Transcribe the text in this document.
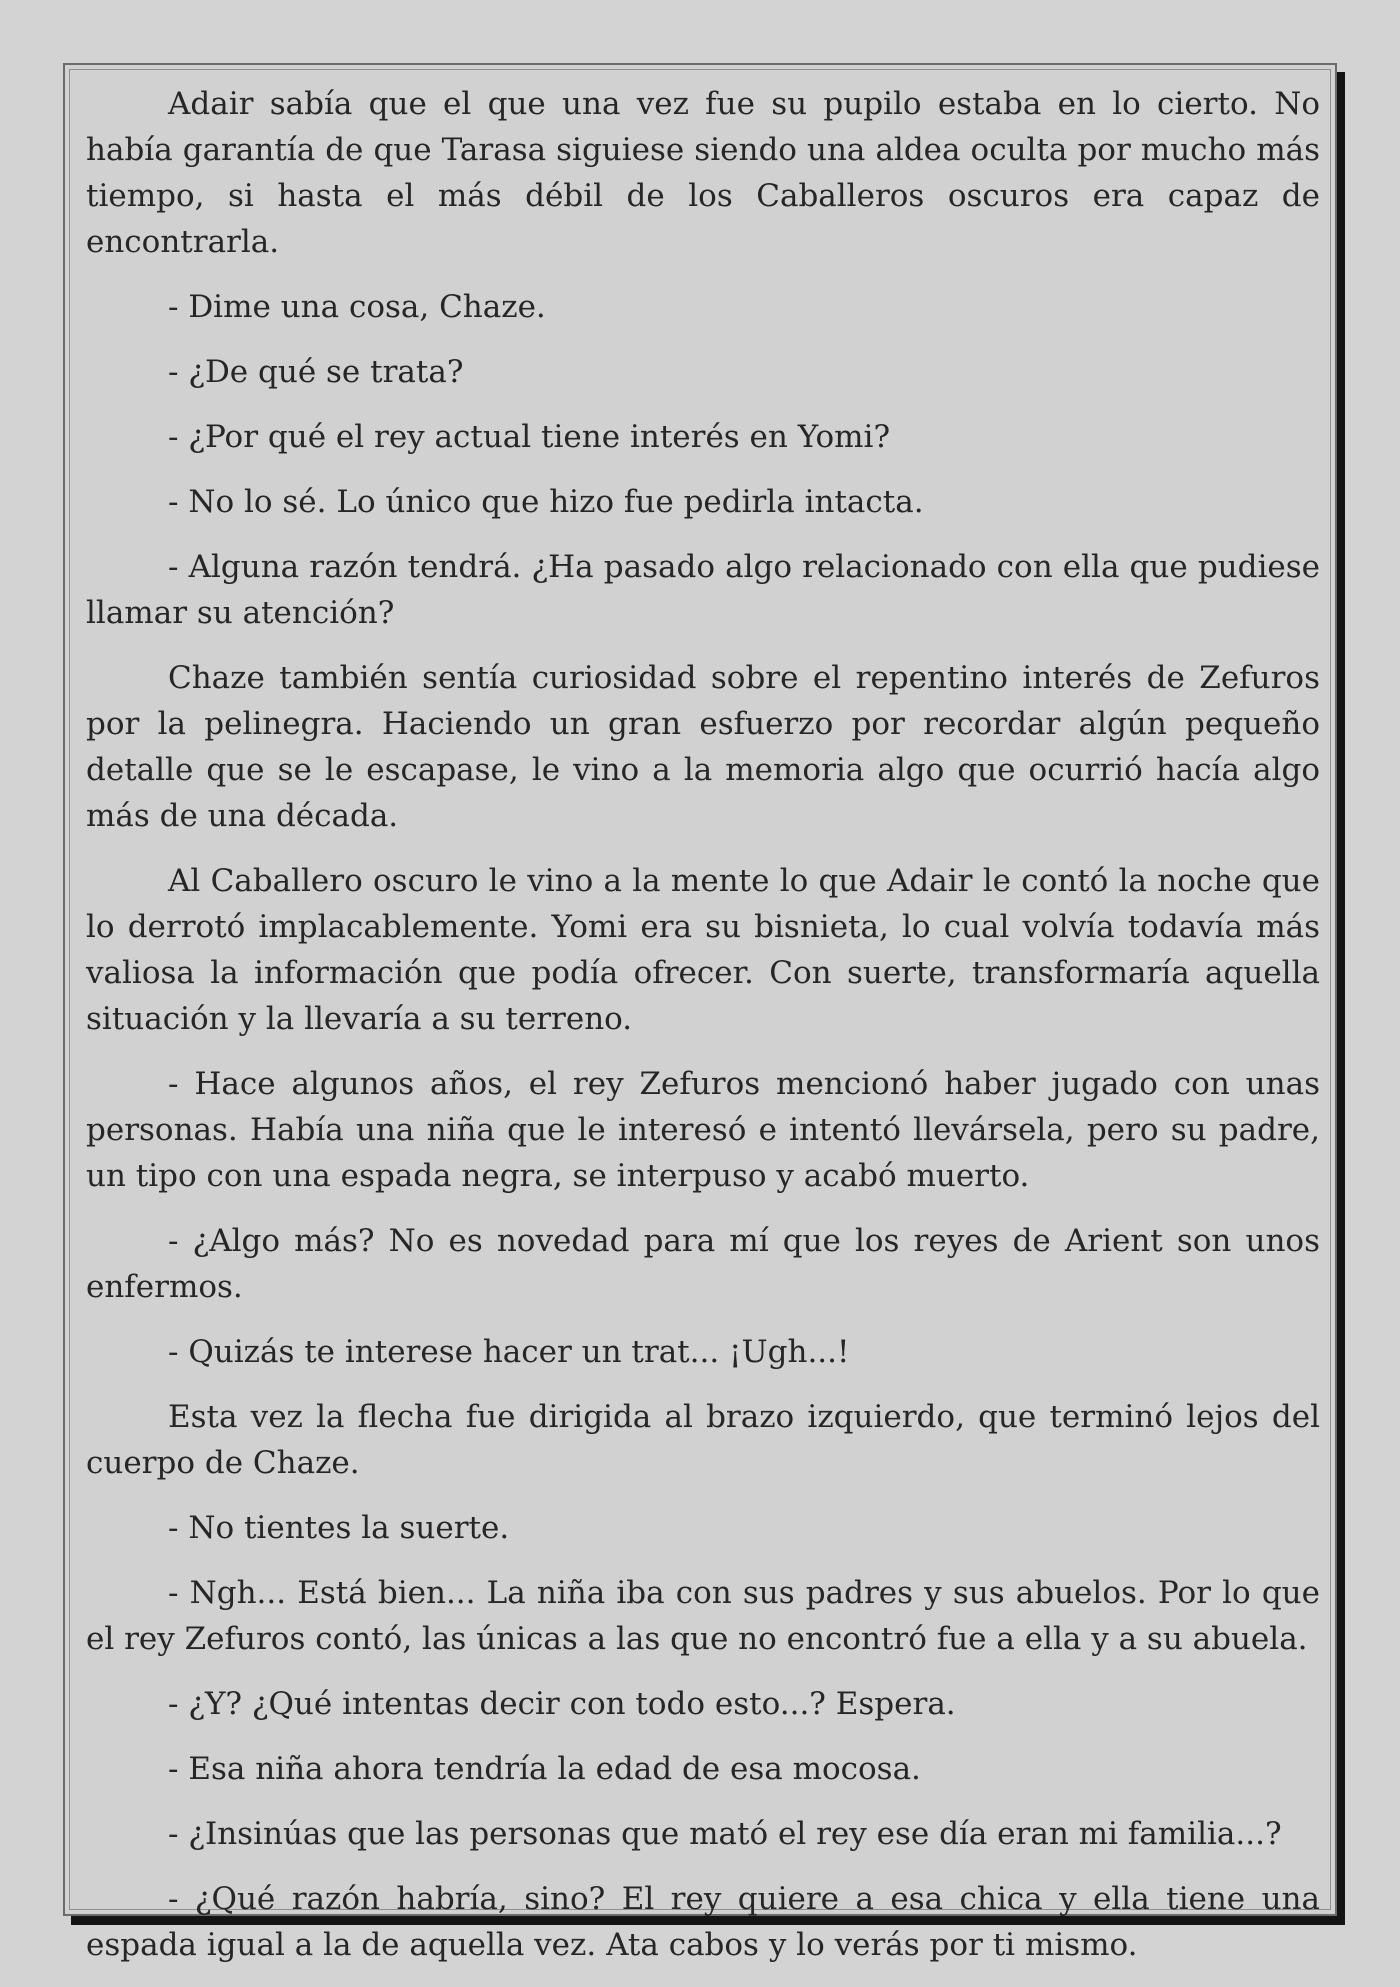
Adair sabía que el que una vez fue su pupilo estaba en lo cierto. No había garantía de que Tarasa siguiese siendo una aldea oculta por mucho más tiempo, si hasta el más débil de los Caballeros oscuros era capaz de encontrarla.

- Dime una cosa, Chaze.

- ¿De qué se trata?

- ¿Por qué el rey actual tiene interés en Yomi?

- No lo sé. Lo único que hizo fue pedirla intacta.

- Alguna razón tendrá. ¿Ha pasado algo relacionado con ella que pudiese llamar su atención?

Chaze también sentía curiosidad sobre el repentino interés de Zefuros por la pelinegra. Haciendo un gran esfuerzo por recordar algún pequeño detalle que se le escapase, le vino a la memoria algo que ocurrió hacía algo más de una década.

Al Caballero oscuro le vino a la mente lo que Adair le contó la noche que lo derrotó implacablemente. Yomi era su bisnieta, lo cual volvía todavía más valiosa la información que podía ofrecer. Con suerte, transformaría aquella situación y la llevaría a su terreno.

- Hace algunos años, el rey Zefuros mencionó haber jugado con unas personas. Había una niña que le interesó e intentó llevársela, pero su padre, un tipo con una espada negra, se interpuso y acabó muerto.

- ¿Algo más? No es novedad para mí que los reyes de Arient son unos enfermos.

- Quizás te interese hacer un trat... ¡Ugh...!

Esta vez la flecha fue dirigida al brazo izquierdo, que terminó lejos del cuerpo de Chaze.

- No tientes la suerte.

- Ngh... Está bien... La niña iba con sus padres y sus abuelos. Por lo que el rey Zefuros contó, las únicas a las que no encontró fue a ella y a su abuela.

- ¿Y? ¿Qué intentas decir con todo esto...? Espera.

- Esa niña ahora tendría la edad de esa mocosa.

- ¿Insinúas que las personas que mató el rey ese día eran mi familia...?

- ¿Qué razón habría, sino? El rey quiere a esa chica y ella tiene una espada igual a la de aquella vez. Ata cabos y lo verás por ti mismo.
